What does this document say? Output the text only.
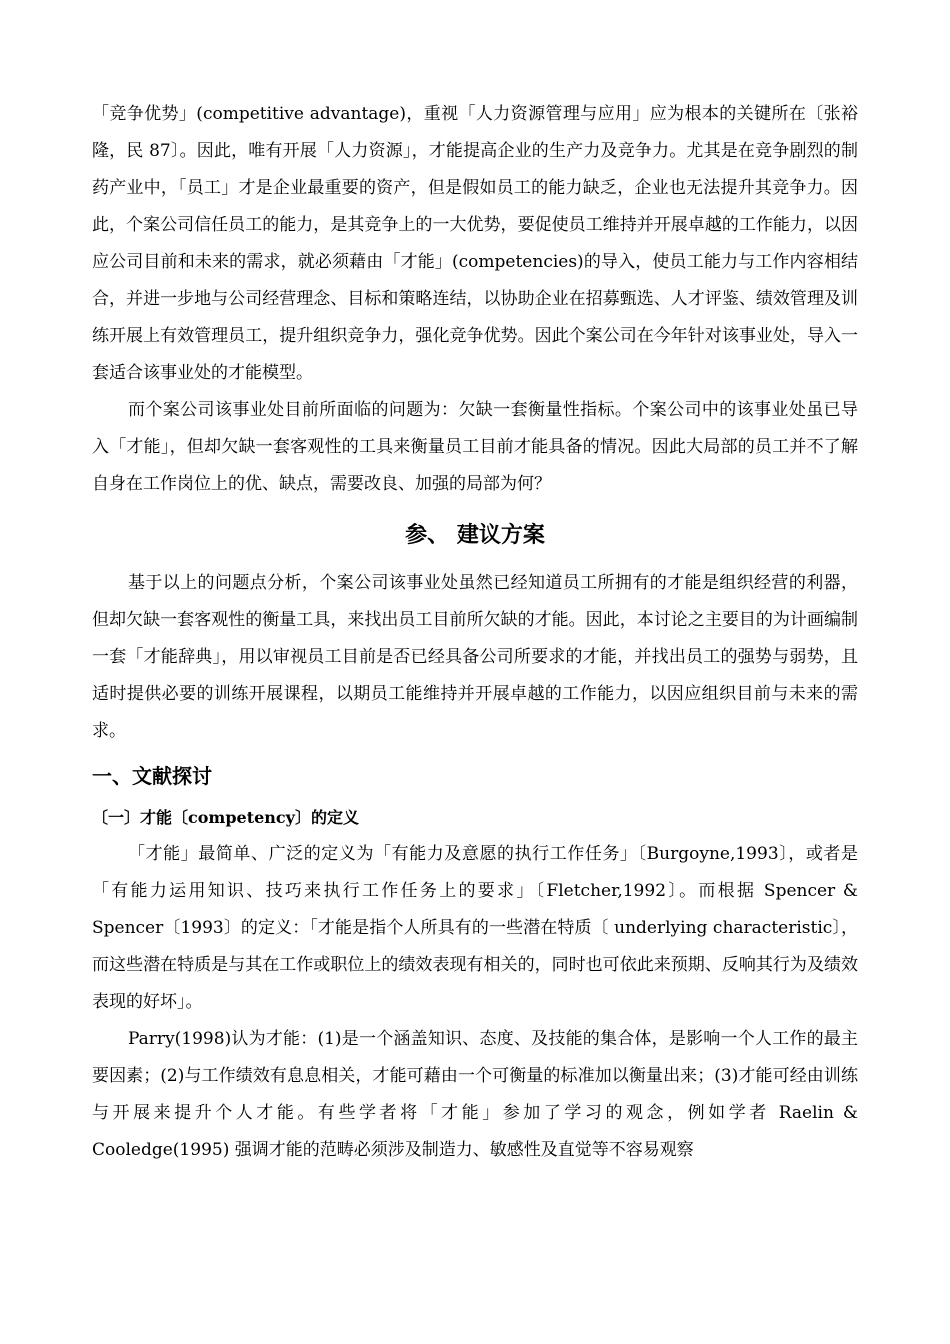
「竞争优势」(competitive advantage)，重视「人力资源管理与应用」应为根本的关键所在〔张裕隆，民 87〕。因此，唯有开展「人力资源」，才能提高企业的生产力及竞争力。尤其是在竞争剧烈的制药产业中，「员工」才是企业最重要的资产，但是假如员工的能力缺乏，企业也无法提升其竞争力。因此，个案公司信任员工的能力，是其竞争上的一大优势，要促使员工维持并开展卓越的工作能力，以因应公司目前和未来的需求，就必须藉由「才能」(competencies)的导入，使员工能力与工作内容相结合，并进一步地与公司经营理念、目标和策略连结，以协助企业在招募甄选、人才评鉴、绩效管理及训练开展上有效管理员工，提升组织竞争力，强化竞争优势。因此个案公司在今年针对该事业处，导入一套适合该事业处的才能模型。

而个案公司该事业处目前所面临的问题为：欠缺一套衡量性指标。个案公司中的该事业处虽已导入「才能」，但却欠缺一套客观性的工具来衡量员工目前才能具备的情况。因此大局部的员工并不了解自身在工作岗位上的优、缺点，需要改良、加强的局部为何？

参、 建议方案

基于以上的问题点分析，个案公司该事业处虽然已经知道员工所拥有的才能是组织经营的利器，但却欠缺一套客观性的衡量工具，来找出员工目前所欠缺的才能。因此，本讨论之主要目的为计画编制一套「才能辞典」，用以审视员工目前是否已经具备公司所要求的才能，并找出员工的强势与弱势，且适时提供必要的训练开展课程，以期员工能维持并开展卓越的工作能力，以因应组织目前与未来的需求。

一、文献探讨
〔一〕才能〔competency〕的定义

「才能」最简单、广泛的定义为「有能力及意愿的执行工作任务」〔Burgoyne,1993〕，或者是「有能力运用知识、技巧来执行工作任务上的要求」〔Fletcher,1992〕。而根据 Spencer & Spencer〔1993〕的定义：「才能是指个人所具有的一些潜在特质〔 underlying characteristic〕，而这些潜在特质是与其在工作或职位上的绩效表现有相关的，同时也可依此来预期、反响其行为及绩效表现的好坏」。

Parry(1998)认为才能：(1)是一个涵盖知识、态度、及技能的集合体，是影响一个人工作的最主要因素；(2)与工作绩效有息息相关，才能可藉由一个可衡量的标准加以衡量出来；(3)才能可经由训练与开展来提升个人才能。有些学者将「才能」参加了学习的观念，例如学者 Raelin & Cooledge(1995) 强调才能的范畴必须涉及制造力、敏感性及直觉等不容易观察
